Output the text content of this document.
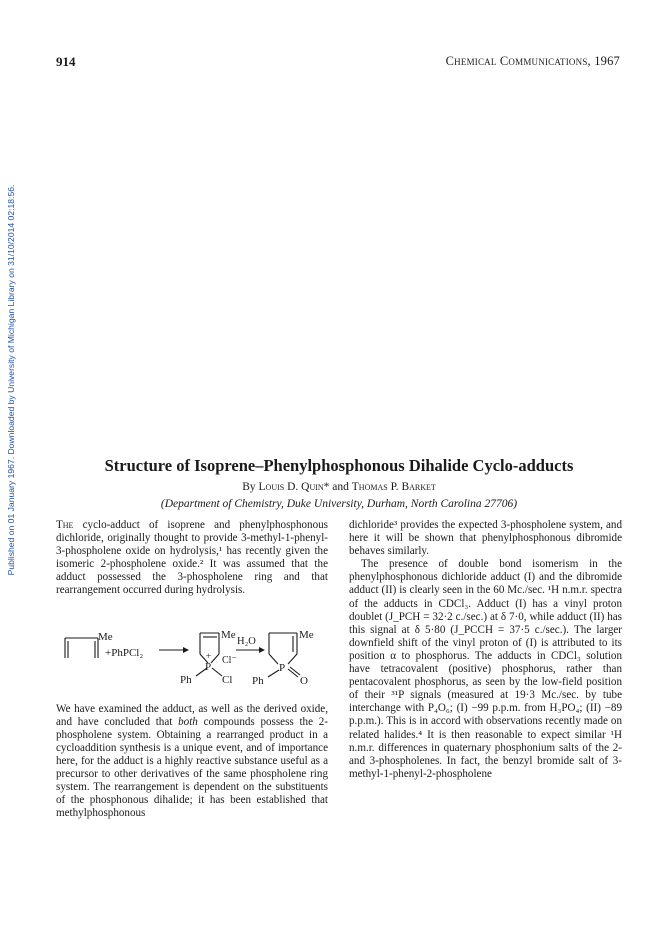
914	Chemical Communications, 1967
Published on 01 January 1967. Downloaded by University of Michigan Library on 31/10/2014 02:18:56.	Structure of Isoprene–Phenylphosphonous Dihalide Cyclo-adducts
By Louis D. Quin* and Thomas P. Barket
(Department of Chemistry, Duke University, Durham, North Carolina 27706)

The cyclo-adduct of isoprene and phenylphosphonous dichloride, originally thought to provide 3-methyl-1-phenyl-3-phospholene oxide on hydrolysis,¹ has recently given the isomeric 2-phospholene oxide.² It was assumed that the adduct possessed the 3-phospholene ring and that rearrangement occurred during hydrolysis.

Me
+PhPCl₂
Me
+
P
Cl⁻
Ph	Cl
H₂O
Me
P
Ph	O

We have examined the adduct, as well as the derived oxide, and have concluded that both compounds possess the 2-phospholene system. Obtaining a rearranged product in a cycloaddition synthesis is a unique event, and of importance here, for the adduct is a highly reactive substance useful as a precursor to other derivatives of the same phospholene ring system. The rearrangement is dependent on the substituents of the phosphonous dihalide; it has been established that methylphosphonous

dichloride³ provides the expected 3-phospholene system, and here it will be shown that phenylphosphonous dibromide behaves similarly.

The presence of double bond isomerism in the phenylphosphonous dichloride adduct (I) and the dibromide adduct (II) is clearly seen in the 60 Mc./sec. ¹H n.m.r. spectra of the adducts in CDCl₃. Adduct (I) has a vinyl proton doublet (J_PCH = 32·2 c./sec.) at δ 7·0, while adduct (II) has this signal at δ 5·80 (J_PCCH = 37·5 c./sec.). The larger downfield shift of the vinyl proton of (I) is attributed to its position α to phosphorus. The adducts in CDCl₃ solution have tetracovalent (positive) phosphorus, rather than pentacovalent phosphorus, as seen by the low-field position of their ³¹P signals (measured at 19·3 Mc./sec. by tube interchange with P₄O₆; (I) −99 p.p.m. from H₃PO₄; (II) −89 p.p.m.). This is in accord with observations recently made on related halides.⁴ It is then reasonable to expect similar ¹H n.m.r. differences in quaternary phosphonium salts of the 2- and 3-phospholenes. In fact, the benzyl bromide salt of 3-methyl-1-phenyl-2-phospholene
